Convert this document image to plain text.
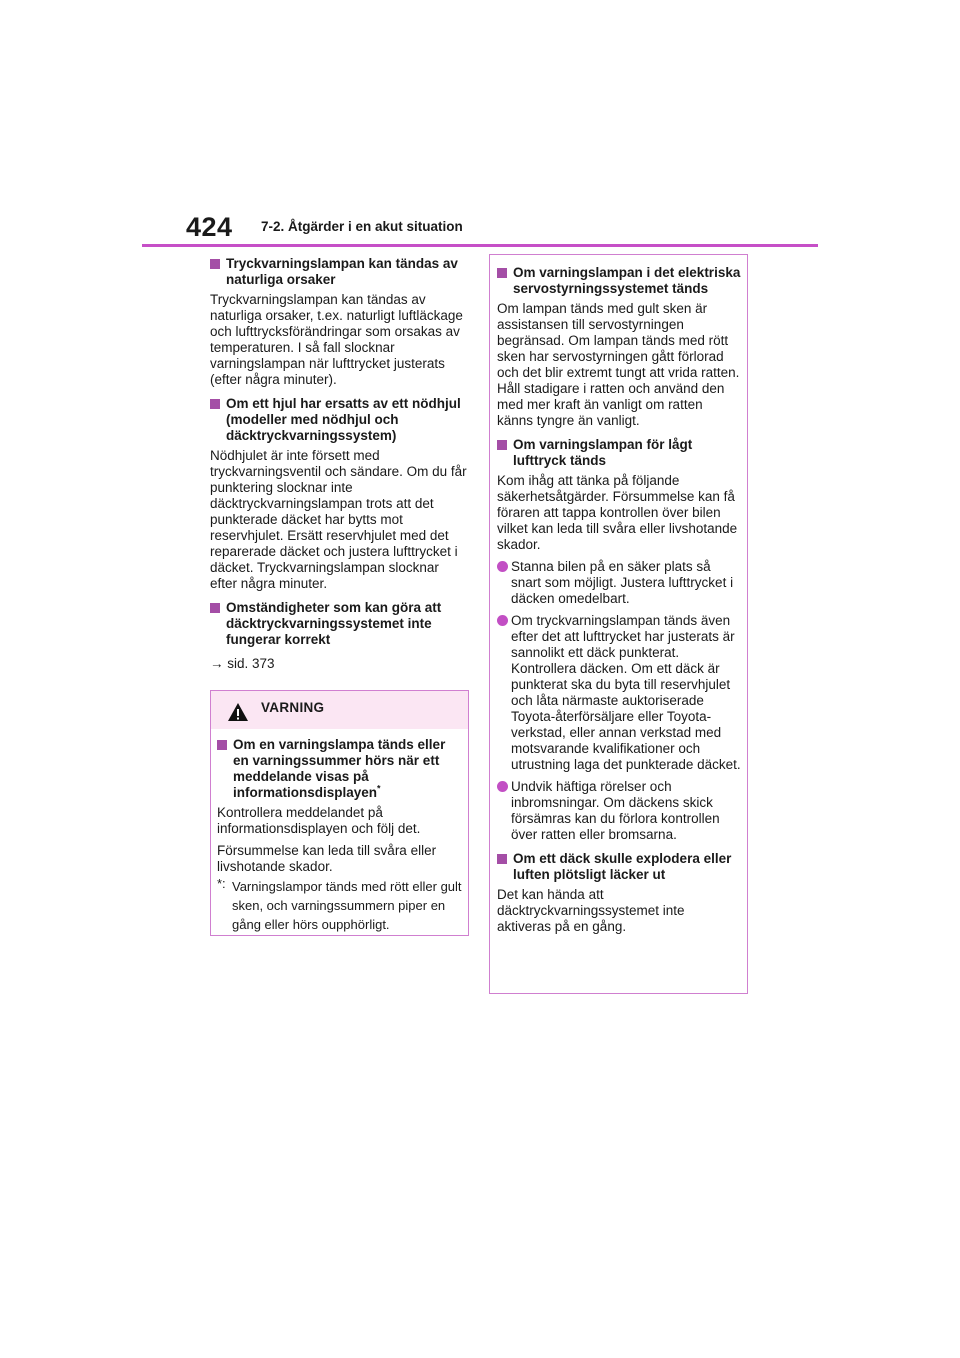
424 7-2. Åtgärder i en akut situation
Tryckvarningslampan kan tändas av naturliga orsaker

Tryckvarningslampan kan tändas av naturliga orsaker, t.ex. naturligt luftläckage och lufttrycksförändringar som orsakas av temperaturen. I så fall slocknar varningslampan när lufttrycket justerats (efter några minuter).

Om ett hjul har ersatts av ett nödhjul (modeller med nödhjul och däcktryckvarningssystem)

Nödhjulet är inte försett med tryckvarningsventil och sändare. Om du får punktering slocknar inte däcktryckvarningslampan trots att det punkterade däcket har bytts mot reservhjulet. Ersätt reservhjulet med det reparerade däcket och justera lufttrycket i däcket. Tryckvarningslampan slocknar efter några minuter.

Omständigheter som kan göra att däcktryckvarningssystemet inte fungerar korrekt
→ sid. 373
VARNING
Om en varningslampa tänds eller en varningssummer hörs när ett meddelande visas på informationsdisplayen*

Kontrollera meddelandet på informationsdisplayen och följ det.

Försummelse kan leda till svåra eller livshotande skador.

*: Varningslampor tänds med rött eller gult sken, och varningssummern piper en gång eller hörs oupphörligt.
Om varningslampan i det elektriska servostyrningssystemet tänds

Om lampan tänds med gult sken är assistansen till servostyrningen begränsad. Om lampan tänds med rött sken har servostyrningen gått förlorad och det blir extremt tungt att vrida ratten.

Håll stadigare i ratten och använd den med mer kraft än vanligt om ratten känns tyngre än vanligt.

Om varningslampan för lågt lufttryck tänds

Kom ihåg att tänka på följande säkerhetsåtgärder. Försummelse kan få föraren att tappa kontrollen över bilen vilket kan leda till svåra eller livshotande skador.

Stanna bilen på en säker plats så snart som möjligt. Justera lufttrycket i däcken omedelbart.
Om tryckvarningslampan tänds även efter det att lufttrycket har justerats är sannolikt ett däck punkterat. Kontrollera däcken. Om ett däck är punkterat ska du byta till reservhjulet och låta närmaste auktoriserade Toyota-återförsäljare eller Toyota-verkstad, eller annan verkstad med motsvarande kvalifikationer och utrustning laga det punkterade däcket.
Undvik häftiga rörelser och inbromsningar. Om däckens skick försämras kan du förlora kontrollen över ratten eller bromsarna.
Om ett däck skulle explodera eller luften plötsligt läcker ut

Det kan hända att däcktryckvarningssystemet inte aktiveras på en gång.
